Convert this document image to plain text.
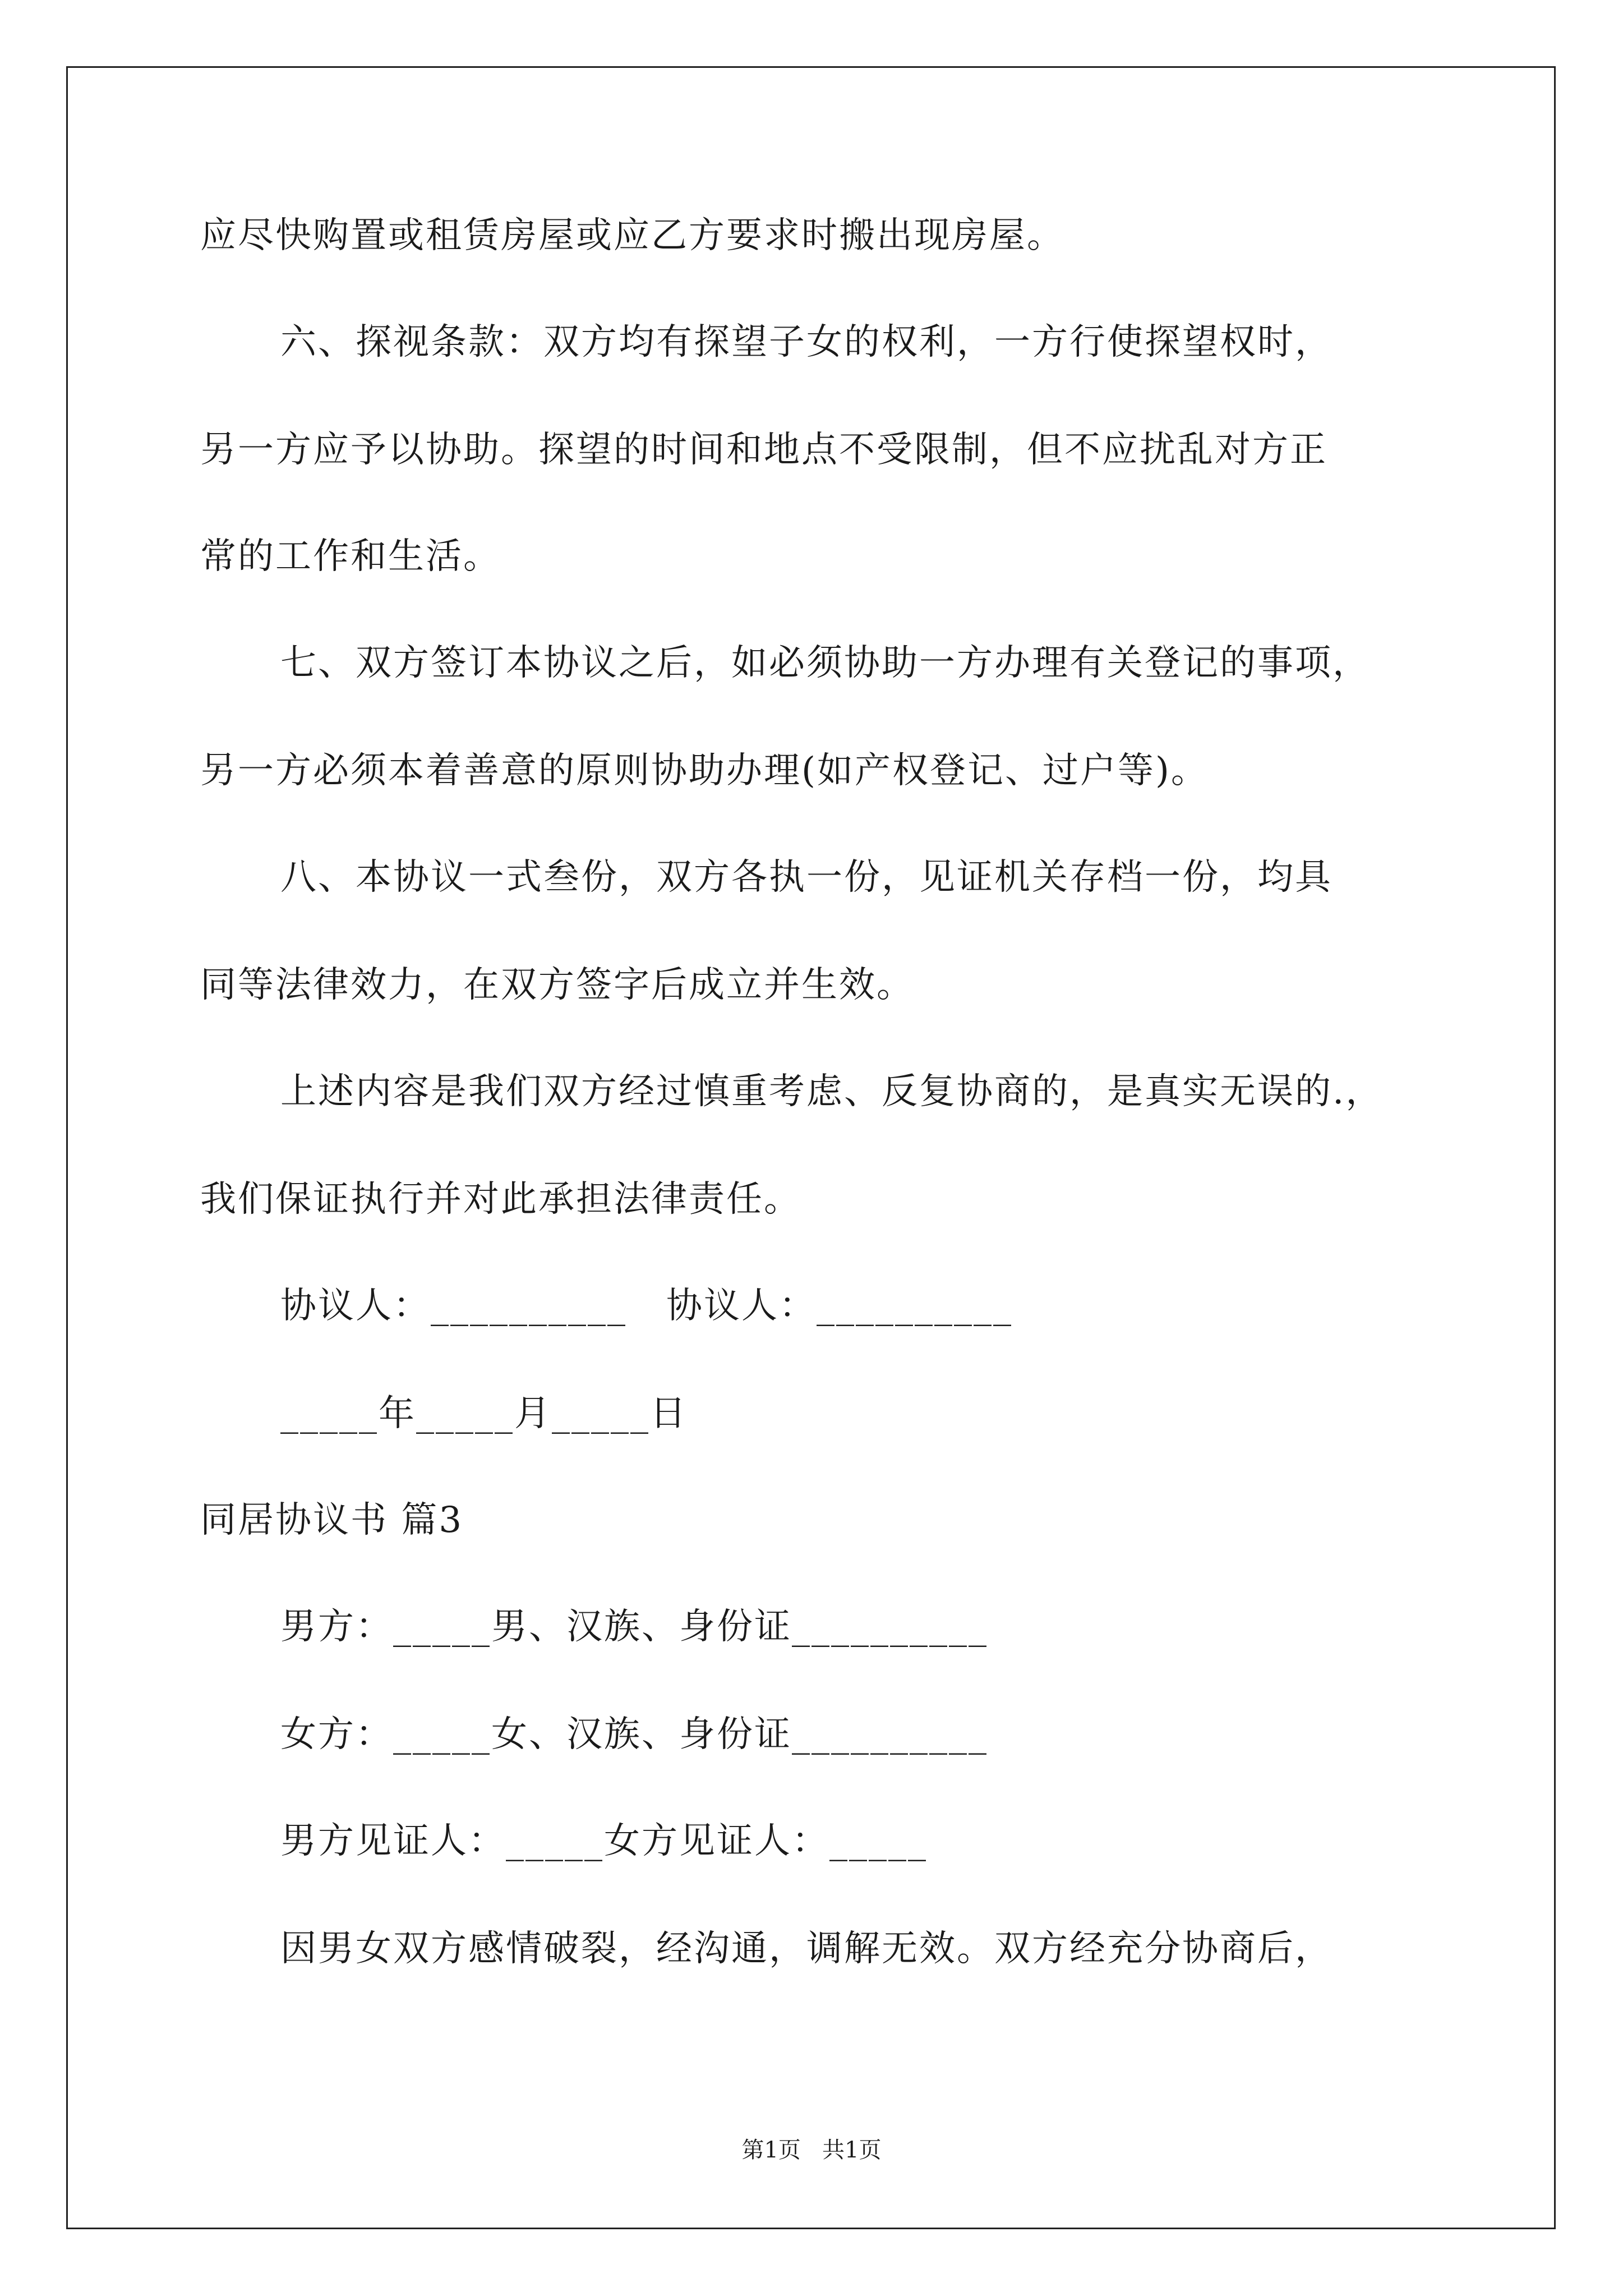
应尽快购置或租赁房屋或应乙方要求时搬出现房屋。
六、探视条款：双方均有探望子女的权利，一方行使探望权时，
另一方应予以协助。探望的时间和地点不受限制，但不应扰乱对方正
常的工作和生活。
七、双方签订本协议之后，如必须协助一方办理有关登记的事项，
另一方必须本着善意的原则协助办理(如产权登记、过户等)。
八、本协议一式叁份，双方各执一份，见证机关存档一份，均具
同等法律效力，在双方签字后成立并生效。
上述内容是我们双方经过慎重考虑、反复协商的，是真实无误的.，
我们保证执行并对此承担法律责任。
协议人：__________   协议人：__________
_____年_____月_____日
同居协议书 篇3
男方：_____男、汉族、身份证__________
女方：_____女、汉族、身份证__________
男方见证人：_____女方见证人：_____
因男女双方感情破裂，经沟通，调解无效。双方经充分协商后，
第1页   共1页
